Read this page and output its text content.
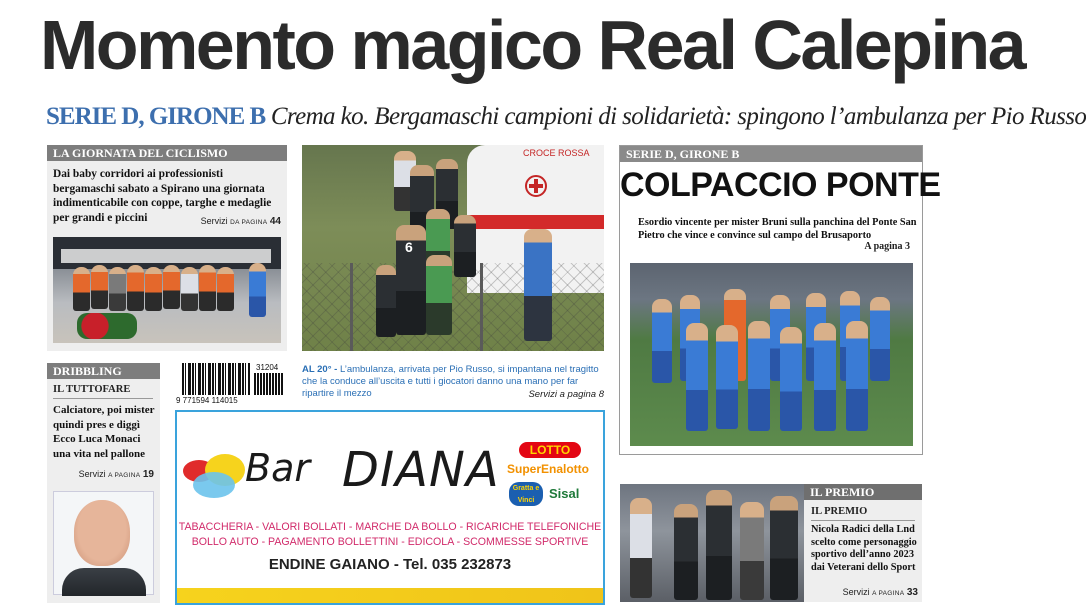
Momento magico Real Calepina
SERIE D, GIRONE B Crema ko. Bergamaschi campioni di solidarietà: spingono l’ambulanza per Pio Russo
LA GIORNATA DEL CICLISMO
Dai baby corridori ai professionisti bergamaschi sabato a Spirano una giornata indimenticabile con coppe, targhe e medaglie per grandi e piccini	Servizi DA PAGINA 44
CROCE ROSSA
6
SERIE D, GIRONE B
COLPACCIO PONTE
Esordio vincente per mister Bruni sulla panchina del Ponte San Pietro che vince e convince sul campo del Brusaporto
A pagina 3
DRIBBLING
IL TUTTOFARE
Calciatore, poi mister quindi pres e diggì Ecco Luca Monaci una vita nel pallone
Servizi A PAGINA 19
31204
9 771594 114015
AL 20° - L’ambulanza, arrivata per Pio Russo, si impantana nel tragitto che la conduce all’uscita e tutti i giocatori danno una mano per far ripartire il mezzo	Servizi a pagina 8
Bar DIANA	LOTTO
SuperEnalotto
Gratta e Vinci	Sisal
TABACCHERIA - VALORI BOLLATI - MARCHE DA BOLLO - RICARICHE TELEFONICHE
BOLLO AUTO - PAGAMENTO BOLLETTINI - EDICOLA - SCOMMESSE SPORTIVE
ENDINE GAIANO - Tel. 035 232873
IL PREMIO
IL PREMIO
Nicola Radici della Lnd scelto come personaggio sportivo dell’anno 2023 dai Veterani dello Sport
Servizi A PAGINA 33
